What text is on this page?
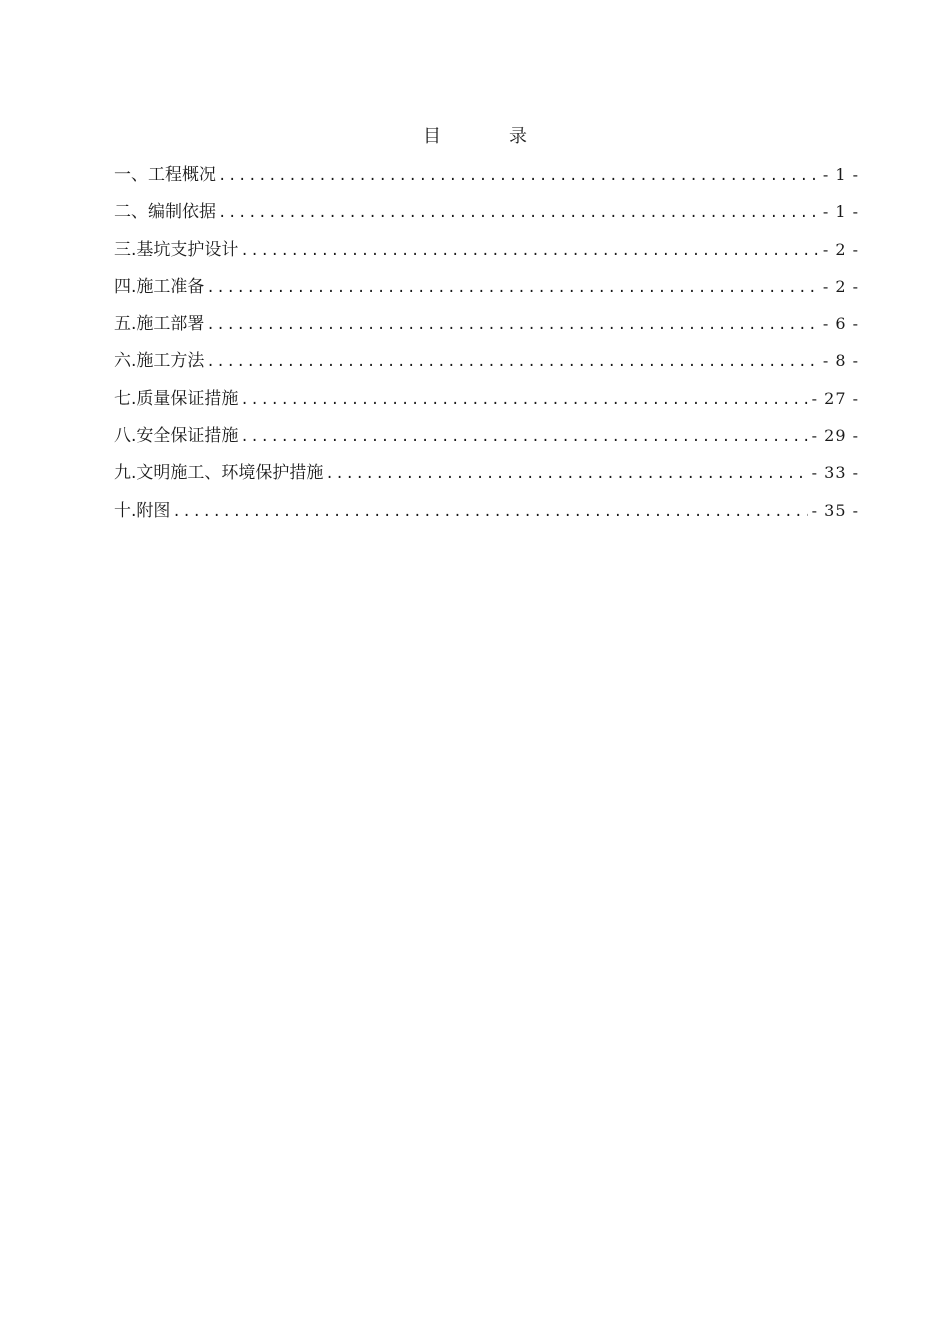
目	录
一、 工程概况 .....	- 1 -
二、 编制依据 .....	- 1 -
三. 基坑支护设计 .....	- 2 -
四. 施工准备 .....	- 2 -
五. 施工部署 .....	- 6 -
六. 施工方法 .....	- 8 -
七. 质量保证措施 .....	- 27 -
八. 安全保证措施 .....	- 29 -
九. 文明施工、环境保护措施 .....	- 33 -
十. 附图 .....	- 35 -
